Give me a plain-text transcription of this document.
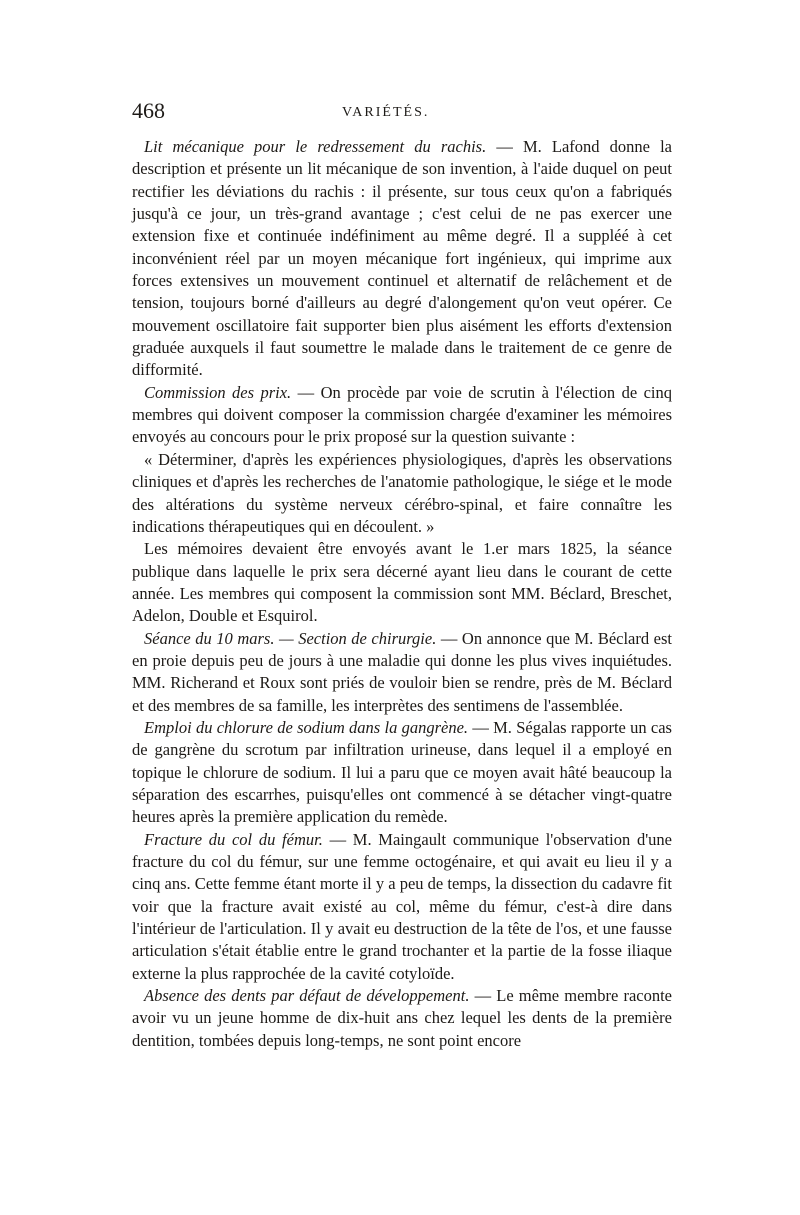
468	VARIÉTÉS.

Lit mécanique pour le redressement du rachis. — M. Lafond donne la description et présente un lit mécanique de son invention, à l'aide duquel on peut rectifier les déviations du rachis : il présente, sur tous ceux qu'on a fabriqués jusqu'à ce jour, un très-grand avantage ; c'est celui de ne pas exercer une extension fixe et continuée indéfiniment au même degré. Il a suppléé à cet inconvénient réel par un moyen mécanique fort ingénieux, qui imprime aux forces extensives un mouvement continuel et alternatif de relâchement et de tension, toujours borné d'ailleurs au degré d'alongement qu'on veut opérer. Ce mouvement oscillatoire fait supporter bien plus aisément les efforts d'extension graduée auxquels il faut soumettre le malade dans le traitement de ce genre de difformité.

Commission des prix. — On procède par voie de scrutin à l'élection de cinq membres qui doivent composer la commission chargée d'examiner les mémoires envoyés au concours pour le prix proposé sur la question suivante :

« Déterminer, d'après les expériences physiologiques, d'après les observations cliniques et d'après les recherches de l'anatomie pathologique, le siége et le mode des altérations du système nerveux cérébro-spinal, et faire connaître les indications thérapeutiques qui en découlent. »

Les mémoires devaient être envoyés avant le 1.er mars 1825, la séance publique dans laquelle le prix sera décerné ayant lieu dans le courant de cette année. Les membres qui composent la commission sont MM. Béclard, Breschet, Adelon, Double et Esquirol.

Séance du 10 mars. — Section de chirurgie. — On annonce que M. Béclard est en proie depuis peu de jours à une maladie qui donne les plus vives inquiétudes. MM. Richerand et Roux sont priés de vouloir bien se rendre, près de M. Béclard et des membres de sa famille, les interprètes des sentimens de l'assemblée.

Emploi du chlorure de sodium dans la gangrène. — M. Ségalas rapporte un cas de gangrène du scrotum par infiltration urineuse, dans lequel il a employé en topique le chlorure de sodium. Il lui a paru que ce moyen avait hâté beaucoup la séparation des escarrhes, puisqu'elles ont commencé à se détacher vingt-quatre heures après la première application du remède.

Fracture du col du fémur. — M. Maingault communique l'observation d'une fracture du col du fémur, sur une femme octogénaire, et qui avait eu lieu il y a cinq ans. Cette femme étant morte il y a peu de temps, la dissection du cadavre fit voir que la fracture avait existé au col, même du fémur, c'est-à dire dans l'intérieur de l'articulation. Il y avait eu destruction de la tête de l'os, et une fausse articulation s'était établie entre le grand trochanter et la partie de la fosse iliaque externe la plus rapprochée de la cavité cotyloïde.

Absence des dents par défaut de développement. — Le même membre raconte avoir vu un jeune homme de dix-huit ans chez lequel les dents de la première dentition, tombées depuis long-temps, ne sont point encore
